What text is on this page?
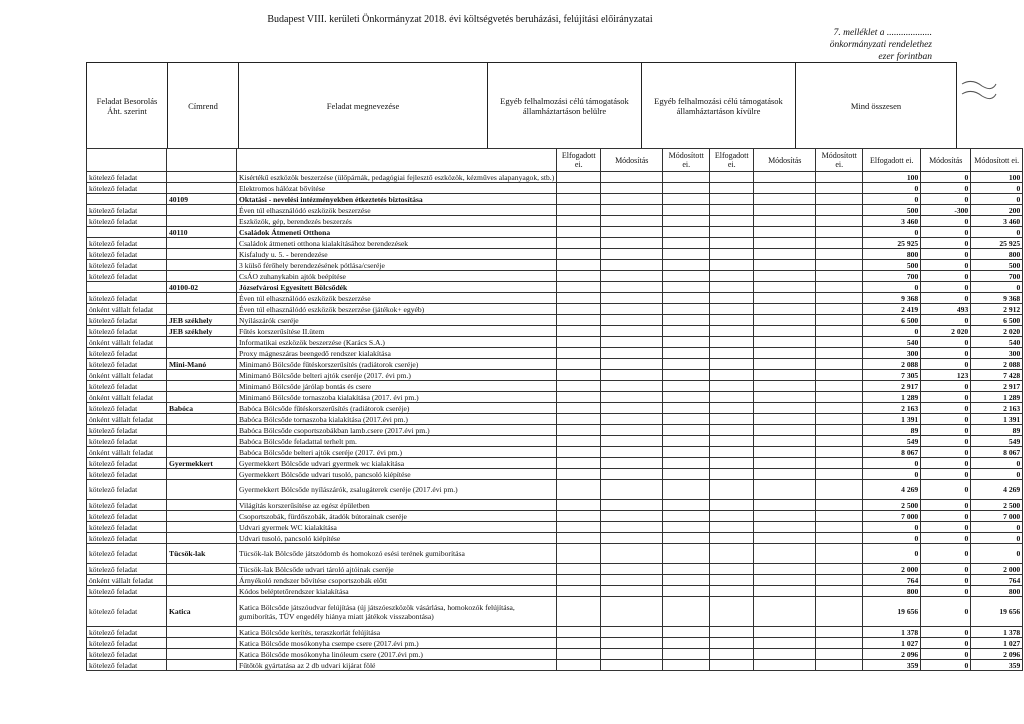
Budapest VIII. kerületi Önkormányzat 2018. évi költségvetés beruházási, felújítási előirányzatai
7. melléklet a ...................
önkormányzati rendelethez
ezer forintban
Feladat Besorolás Áht. szerint	Címrend	Feladat megnevezése	Egyéb felhalmozási célú támogatások államháztartáson belülre	Egyéb felhalmozási célú támogatások államháztartáson kívülre	Mind összesen
			Elfogadott ei.	Módosítás	Módosított ei.	Elfogadott ei.	Módosítás	Módosított ei.	Elfogadott ei.	Módosítás	Módosított ei.
kötelező feladat		Kisértékű eszközök beszerzése (ülőpárnák, pedagógiai fejlesztő eszközök, kézműves alapanyagok, stb.)							100	0	100
kötelező feladat		Elektromos hálózat bővítése							0	0	0
	40109	Oktatási - nevelési intézményekben étkeztetés biztosítása							0	0	0
kötelező feladat		Éven túl elhasználódó eszközök beszerzése							500	-300	200
kötelező feladat		Eszközök, gép, berendezés beszerzés							3 460	0	3 460
	40110	Családok Átmeneti Otthona							0	0	0
kötelező feladat		Családok átmeneti otthona kialakításához berendezések							25 925	0	25 925
kötelező feladat		Kisfaludy u. 5. - berendezése							800	0	800
kötelező feladat		3 külső férőhely berendezésének pótlása/cseréje							500	0	500
kötelező feladat		CsÁO zuhanykabin ajtók beépítése							700	0	700
	40100-02	Józsefvárosi Egyesített Bölcsődék							0	0	0
kötelező feladat		Éven túl elhasználódó eszközök beszerzése							9 368	0	9 368
önként vállalt feladat		Éven túl elhasználódó eszközök beszerzése (játékok+ egyéb)							2 419	493	2 912
kötelező feladat	JEB székhely	Nyílászárók cseréje							6 500	0	6 500
kötelező feladat	JEB székhely	Fűtés korszerűsítése II.ütem							0	2 020	2 020
önként vállalt feladat		Informatikai eszközök beszerzése (Karács S.A.)							540	0	540
kötelező feladat		Proxy mágneszáras beengedő rendszer kialakítása							300	0	300
kötelező feladat	Mini-Manó	Minimanó Bölcsőde fűtéskorszerűsítés (radiátorok cseréje)							2 088	0	2 088
önként vállalt feladat		Minimanó Bölcsőde belteri ajtók cseréje (2017. évi pm.)							7 305	123	7 428
kötelező feladat		Minimanó Bölcsőde járólap bontás és csere							2 917	0	2 917
önként vállalt feladat		Minimanó Bölcsőde tornaszoba kialakítása (2017. évi pm.)							1 289	0	1 289
kötelező feladat	Babóca	Babóca Bölcsőde fűtéskorszerűsítés (radiátorok cseréje)							2 163	0	2 163
önként vállalt feladat		Babóca Bölcsőde tornaszoba kialakítása (2017.évi pm.)							1 391	0	1 391
kötelező feladat		Babóca Bölcsőde csoportszobákban lamb.csere (2017.évi pm.)							89	0	89
kötelező feladat		Babóca Bölcsőde feladattal terhelt pm.							549	0	549
önként vállalt feladat		Babóca Bölcsőde belteri ajtók cseréje (2017. évi pm.)							8 067	0	8 067
kötelező feladat	Gyermekkert	Gyermekkert Bölcsőde udvari gyermek wc kialakítása							0	0	0
kötelező feladat		Gyermekkert Bölcsőde udvari tusoló, pancsoló kiépítése							0	0	0
kötelező feladat		Gyermekkert Bölcsőde nyílászárók, zsalugáterek cseréje (2017.évi pm.)							4 269	0	4 269
kötelező feladat		Világítás korszerűsítése az egész épületben							2 500	0	2 500
kötelező feladat		Csoportszobák, fürdőszobák, átadók bútorainak cseréje							7 000	0	7 000
kötelező feladat		Udvari gyermek WC kialakítása							0	0	0
kötelező feladat		Udvari tusoló, pancsoló kiépítése							0	0	0
kötelező feladat	Tücsök-lak	Tücsök-lak Bölcsőde játszódomb és homokozó esési terének gumiborítása							0	0	0
kötelező feladat		Tücsök-lak Bölcsőde udvari tároló ajtóinak cseréje							2 000	0	2 000
önként vállalt feladat		Árnyékoló rendszer bővítése csoportszobák előtt							764	0	764
kötelező feladat		Kódos beléptetőrendszer kialakítása							800	0	800
kötelező feladat	Katica	Katica Bölcsőde játszóudvar felújítása (új játszóeszközök vásárlása, homokozók felújítása, gumiborítás, TÜV engedély hiánya miatt játékok visszabontása)							19 656	0	19 656
kötelező feladat		Katica Bölcsőde kerítés, teraszkorlát felújítása							1 378	0	1 378
kötelező feladat		Katica Bölcsőde mosókonyha csempe csere (2017.évi pm.)							1 027	0	1 027
kötelező feladat		Katica Bölcsőde mosókonyha linóleum csere (2017.évi pm.)							2 096	0	2 096
kötelező feladat		Fűtőtök gyártatása az 2 db udvari kijárat fölé							359	0	359
